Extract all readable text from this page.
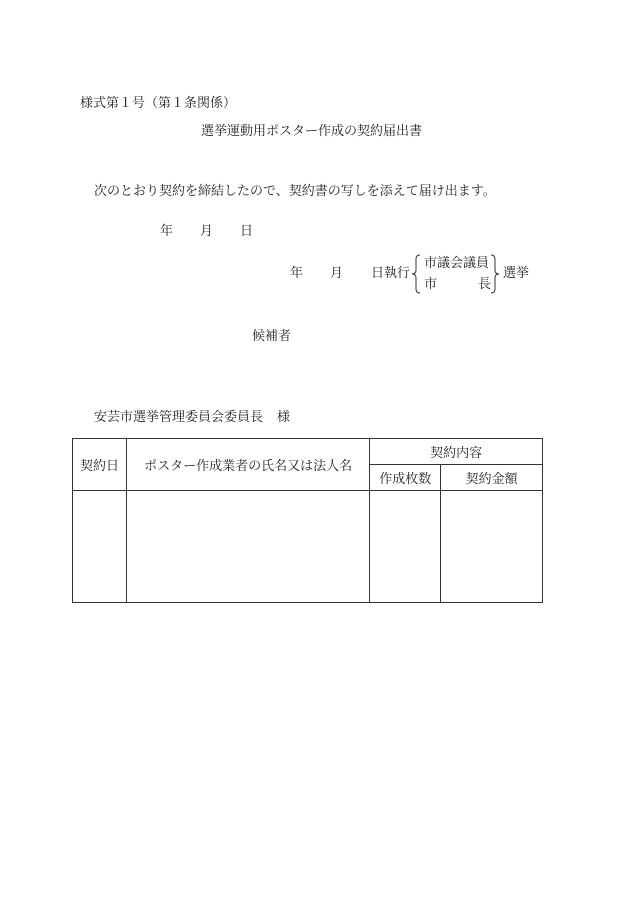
様式第１号（第１条関係）
選挙運動用ポスター作成の契約届出書
次のとおり契約を締結したので、契約書の写しを添えて届け出ます。
年 月 日
年 月 日執行
市議会議員
市	長
選挙
候補者
安芸市選挙管理委員会委員長 様
契約日	ポスター作成業者の氏名又は法人名	契約内容	
		作成枚数	契約金額
